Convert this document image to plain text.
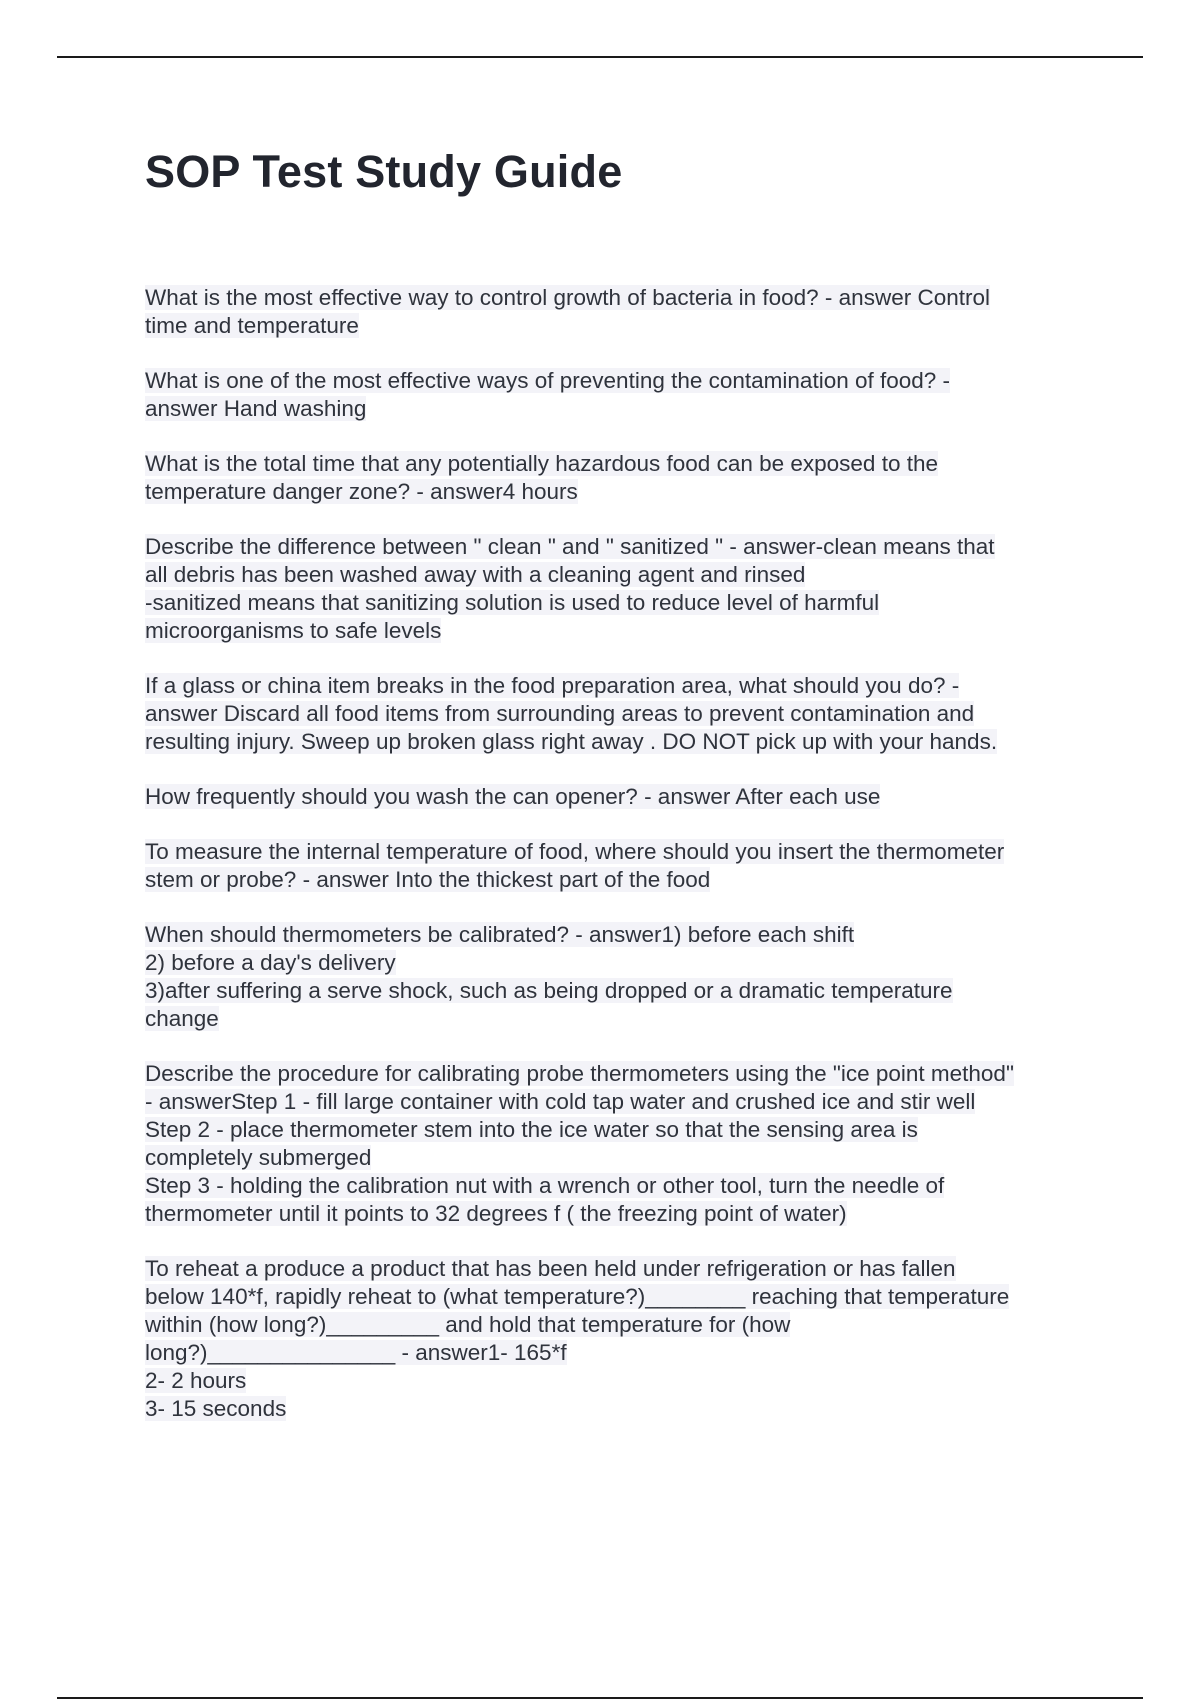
SOP Test Study Guide
What is the most effective way to control growth of bacteria in food? - answer Control
time and temperature
What is one of the most effective ways of preventing the contamination of food? -
answer Hand washing
What is the total time that any potentially hazardous food can be exposed to the
temperature danger zone? - answer4 hours
Describe the difference between " clean " and " sanitized " - answer-clean means that
all debris has been washed away with a cleaning agent and rinsed
-sanitized means that sanitizing solution is used to reduce level of harmful
microorganisms to safe levels
If a glass or china item breaks in the food preparation area, what should you do? -
answer Discard all food items from surrounding areas to prevent contamination and
resulting injury. Sweep up broken glass right away . DO NOT pick up with your hands.
How frequently should you wash the can opener? - answer After each use
To measure the internal temperature of food, where should you insert the thermometer
stem or probe? - answer Into the thickest part of the food
When should thermometers be calibrated? - answer1) before each shift
2) before a day's delivery
3)after suffering a serve shock, such as being dropped or a dramatic temperature
change
Describe the procedure for calibrating probe thermometers using the "ice point method"
- answerStep 1 - fill large container with cold tap water and crushed ice and stir well
Step 2 - place thermometer stem into the ice water so that the sensing area is
completely submerged
Step 3 - holding the calibration nut with a wrench or other tool, turn the needle of
thermometer until it points to 32 degrees f ( the freezing point of water)
To reheat a produce a product that has been held under refrigeration or has fallen
below 140*f, rapidly reheat to (what temperature?)________ reaching that temperature
within (how long?)_________ and hold that temperature for (how
long?)_______________ - answer1- 165*f
2- 2 hours
3- 15 seconds
